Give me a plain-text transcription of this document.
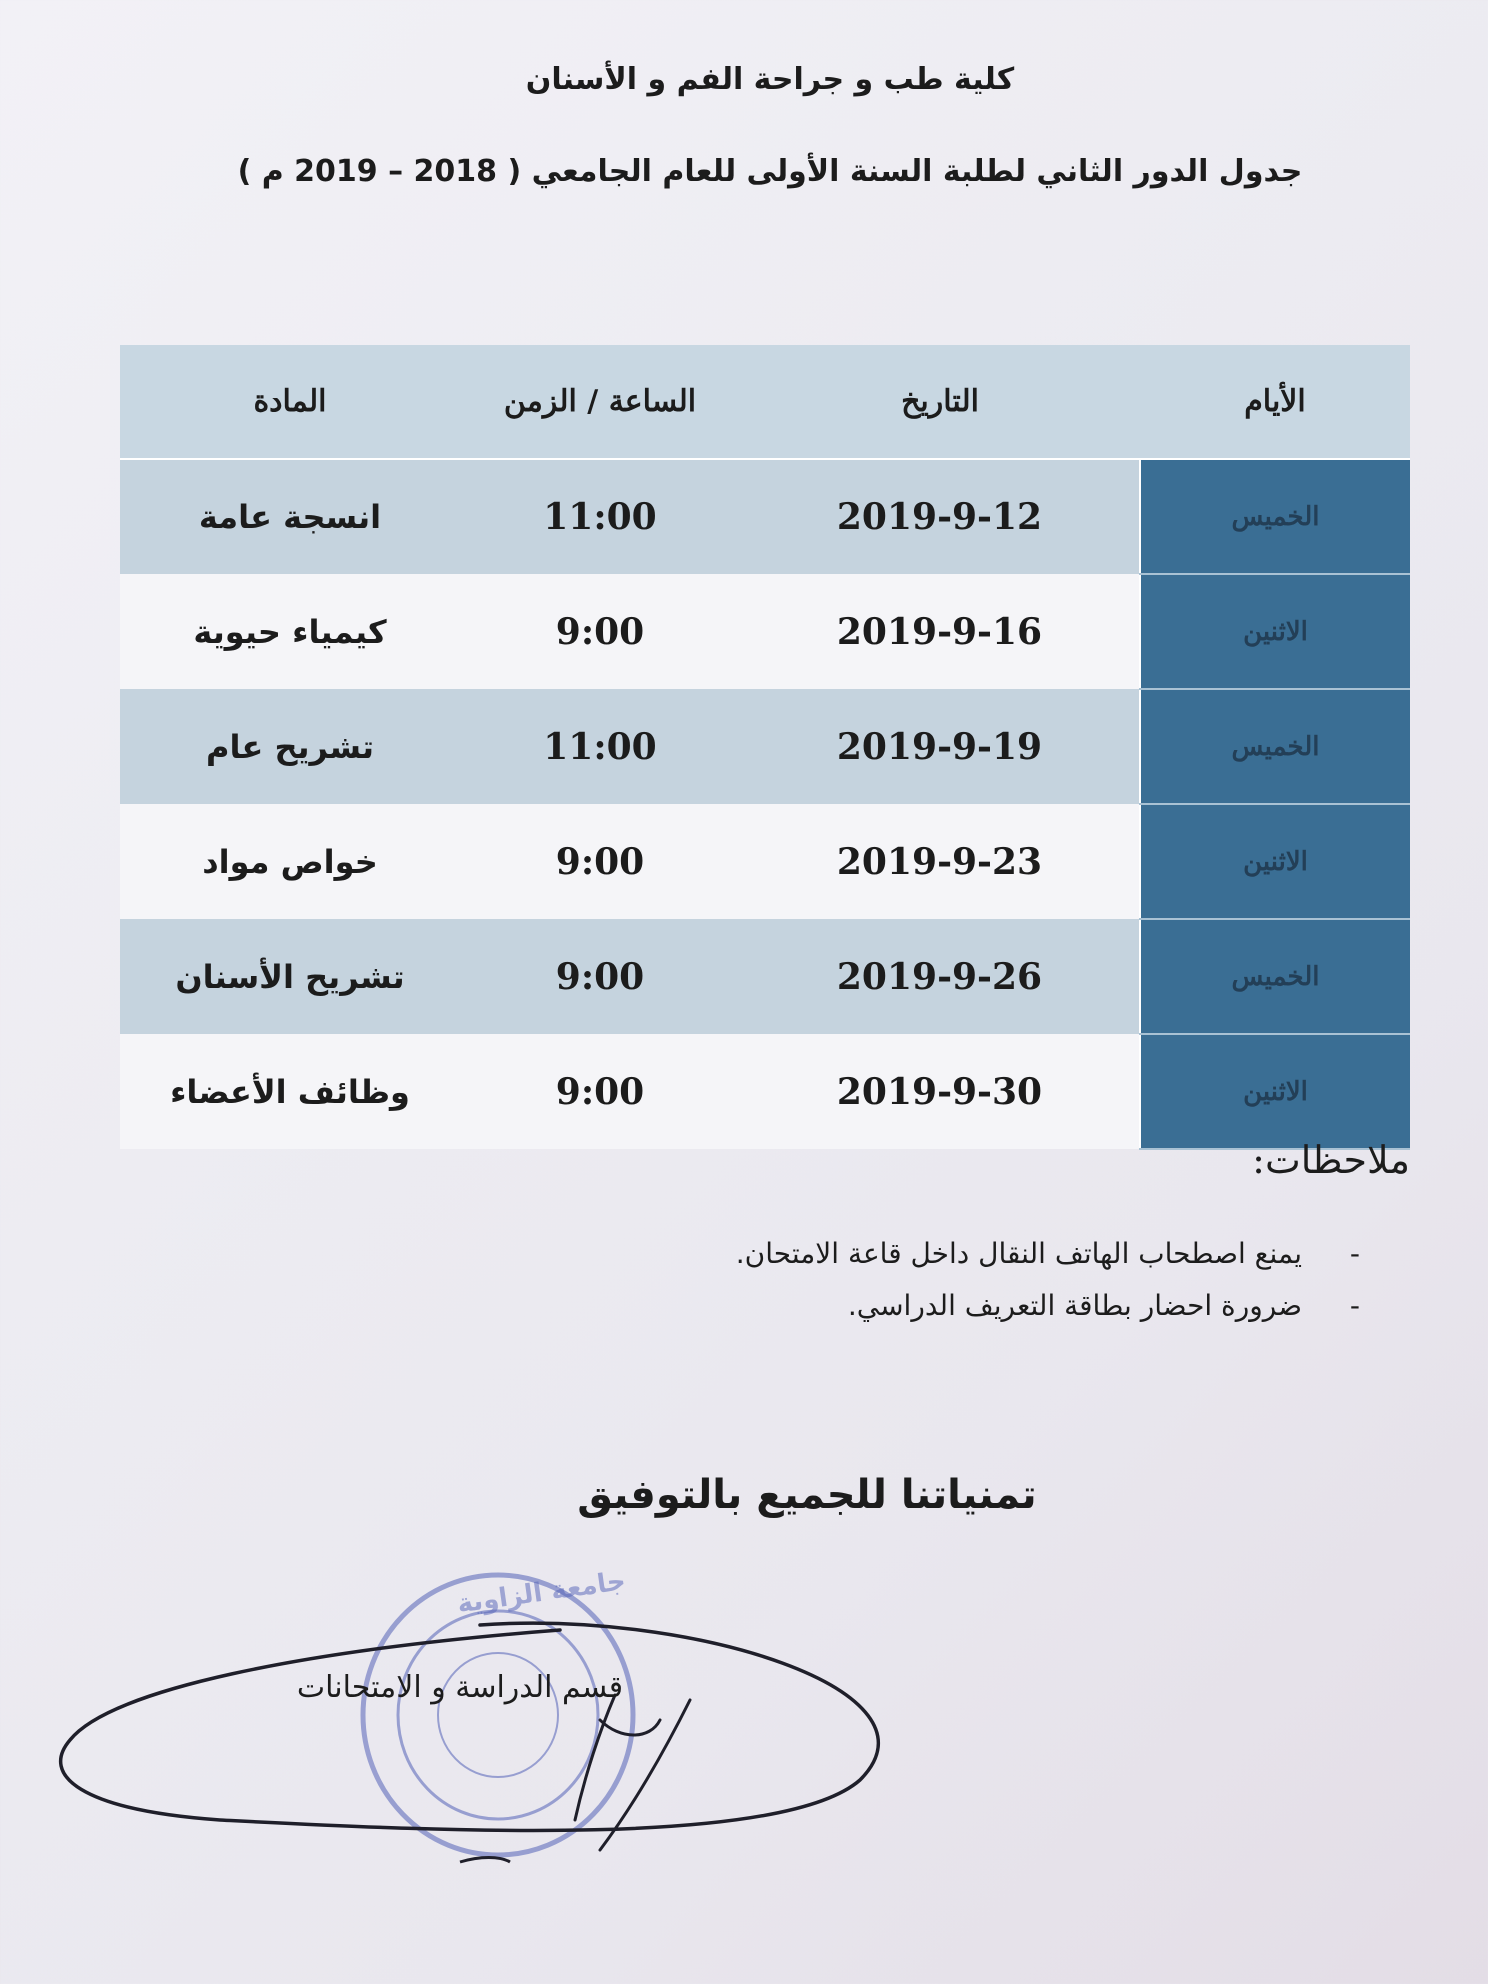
كلية طب و جراحة الفم و الأسنان
جدول الدور الثاني لطلبة السنة الأولى للعام الجامعي ( 2018 – 2019 م )
الأيام	التاريخ	الساعة / الزمن	المادة
الخميس	2019-9-12	11:00	انسجة عامة
الاثنين	2019-9-16	9:00	كيمياء حيوية
الخميس	2019-9-19	11:00	تشريح عام
الاثنين	2019-9-23	9:00	خواص مواد
الخميس	2019-9-26	9:00	تشريح الأسنان
الاثنين	2019-9-30	9:00	وظائف الأعضاء
ملاحظات:
- يمنع اصطحاب الهاتف النقال داخل قاعة الامتحان.
- ضرورة احضار بطاقة التعريف الدراسي.
تمنياتنا للجميع بالتوفيق
جامعة الزاوية
قسم الدراسة و الامتحانات
